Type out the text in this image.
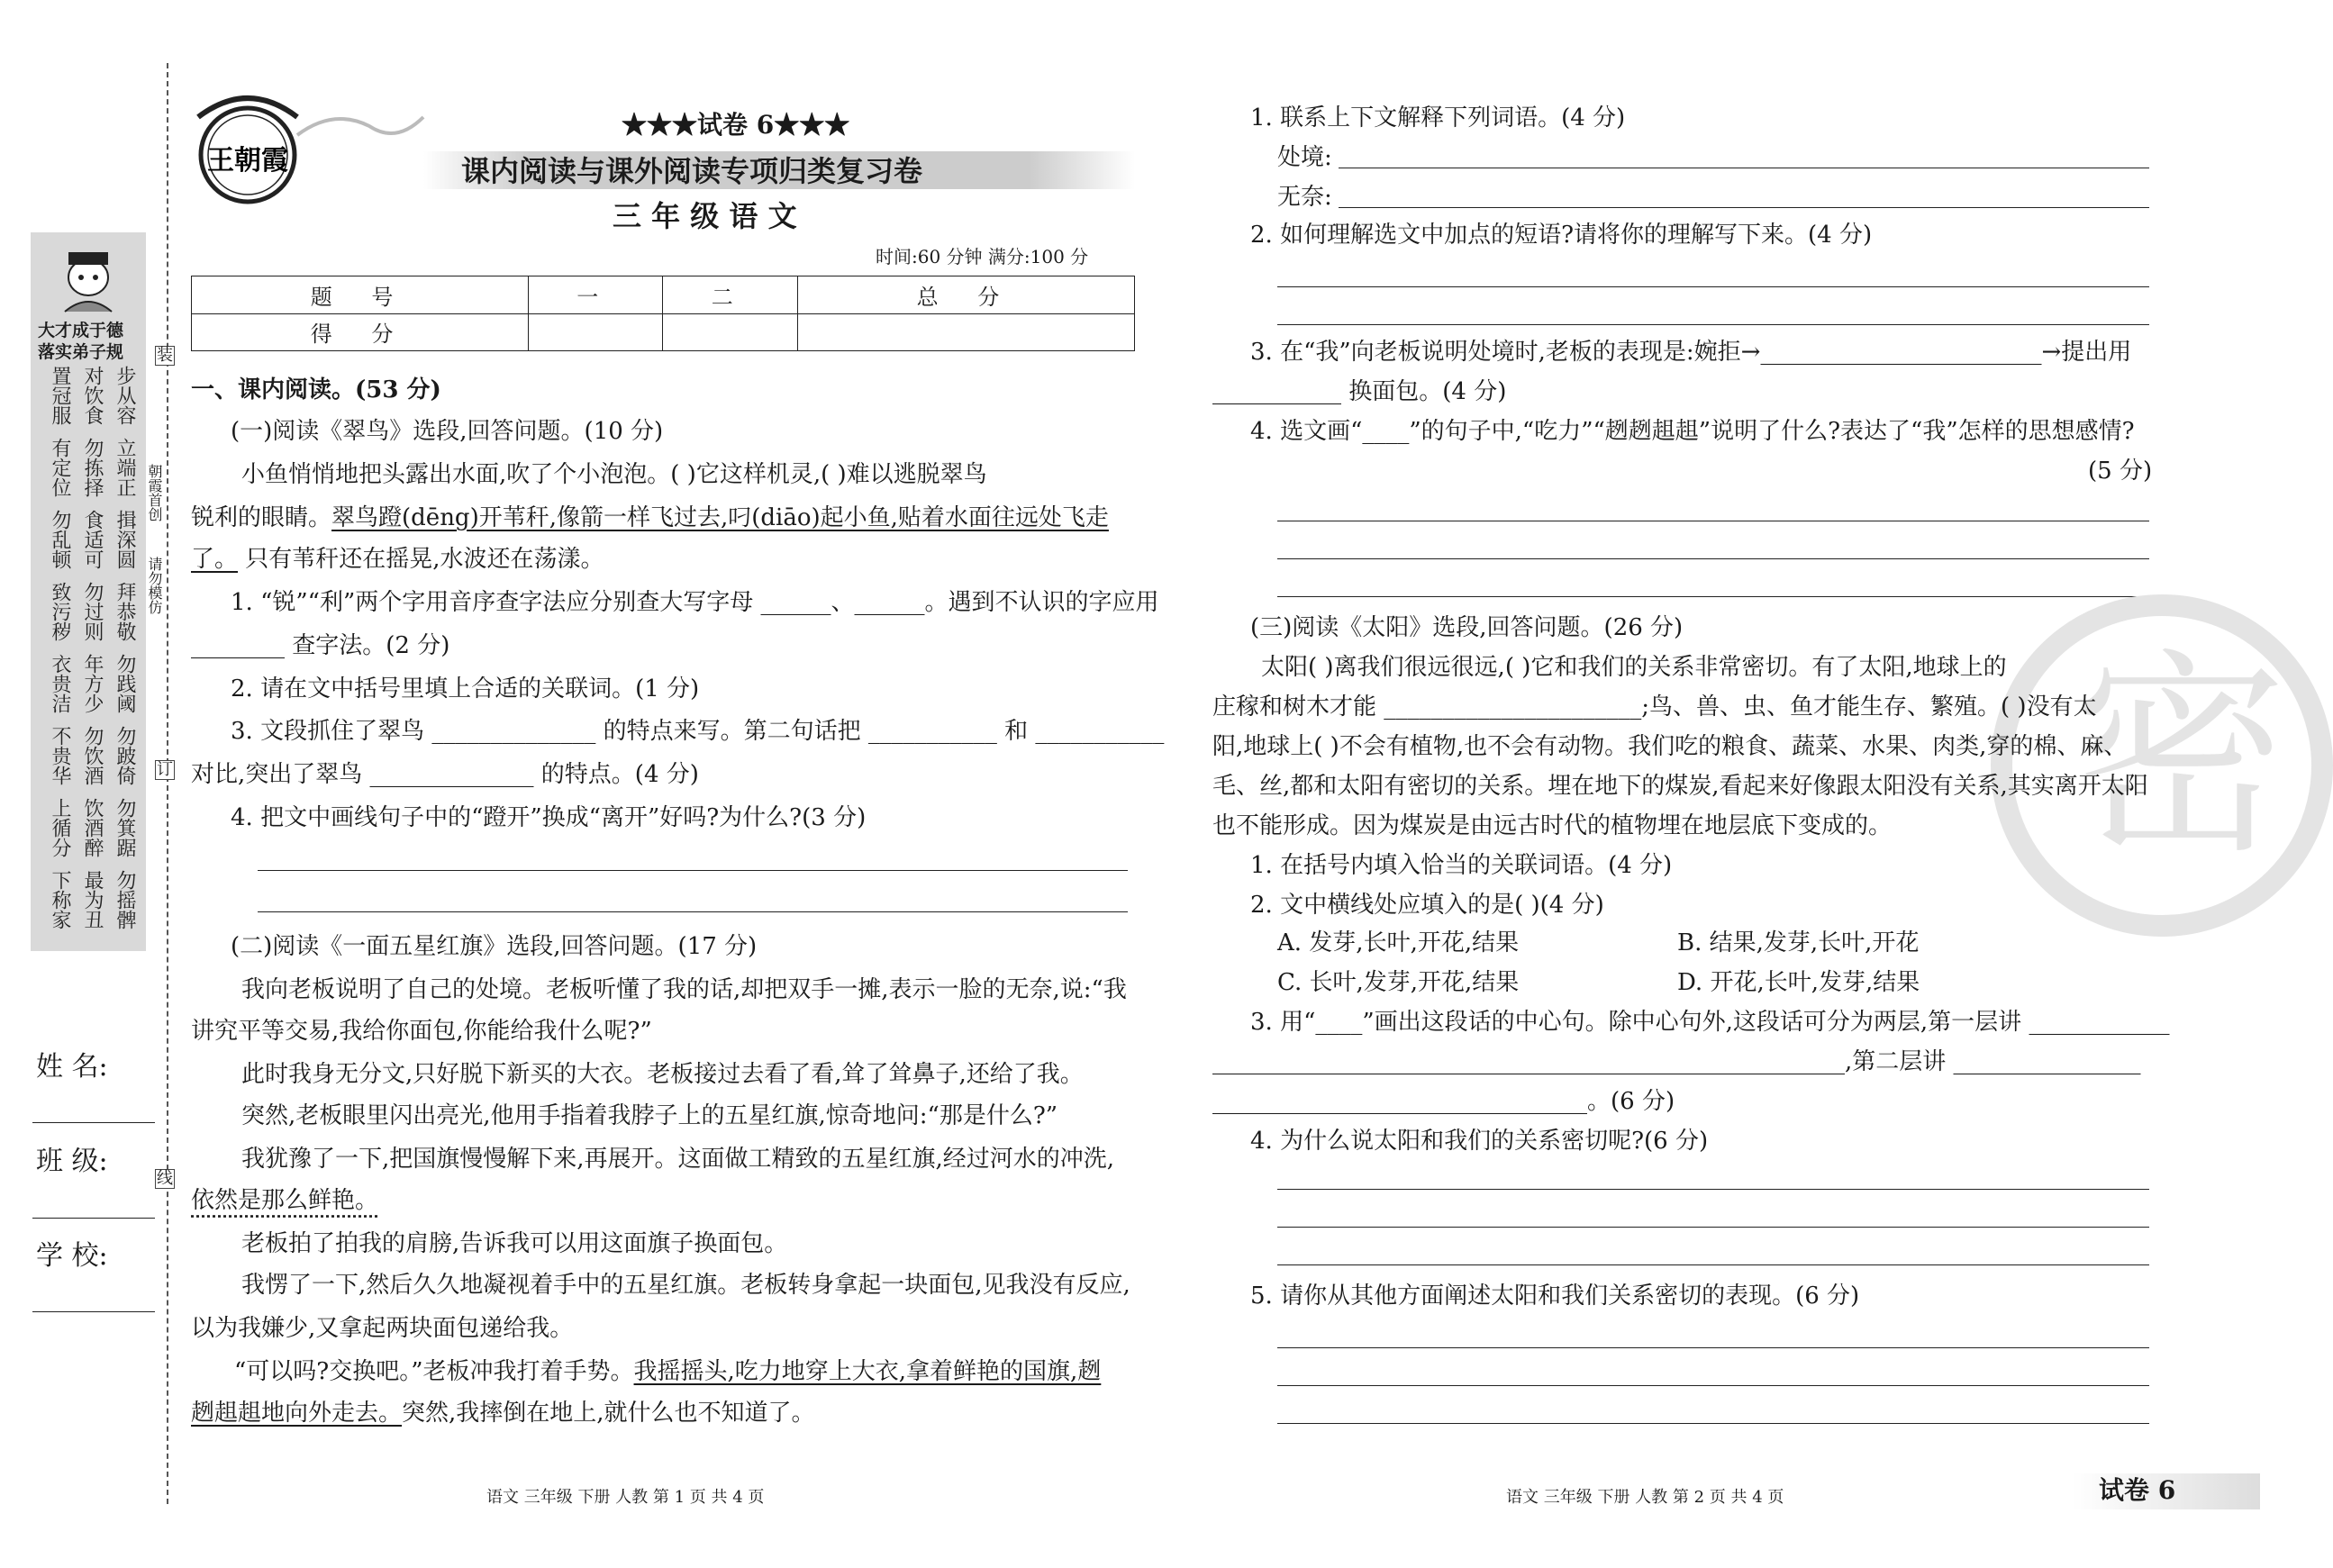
装
订
线
朝霞首创
请勿模仿
大才成于德
落实弟子规
步从容
对饮食
置冠服
立端正
勿拣择
有定位
揖深圆
食适可
勿乱顿
拜恭敬
勿过则
致污秽
勿践阈
年方少
衣贵洁
勿跛倚
勿饮酒
不贵华
勿箕踞
饮酒醉
上循分
勿摇髀
最为丑
下称家
姓 名:
班 级:
学 校:
王朝霞
★★★试卷 6★★★
课内阅读与课外阅读专项归类复习卷
三 年 级 语 文
时间:60 分钟 满分:100 分
题 号	一	二	总 分
得 分			
一、课内阅读。(53 分)
(一)阅读《翠鸟》选段,回答问题。(10 分)
小鱼悄悄地把头露出水面,吹了个小泡泡。( )它这样机灵,( )难以逃脱翠鸟
锐利的眼睛。翠鸟蹬(dēng)开苇秆,像箭一样飞过去,叼(diāo)起小鱼,贴着水面往远处飞走
了。 只有苇秆还在摇晃,水波还在荡漾。
1. “锐”“利”两个字用音序查字法应分别查大写字母 ______、______。遇到不认识的字应用
________ 查字法。(2 分)
2. 请在文中括号里填上合适的关联词。(1 分)
3. 文段抓住了翠鸟 ______________ 的特点来写。第二句话把 ___________ 和 ___________
对比,突出了翠鸟 ______________ 的特点。(4 分)
4. 把文中画线句子中的“蹬开”换成“离开”好吗?为什么?(3 分)
(二)阅读《一面五星红旗》选段,回答问题。(17 分)
我向老板说明了自己的处境。老板听懂了我的话,却把双手一摊,表示一脸的无奈,说:“我
讲究平等交易,我给你面包,你能给我什么呢?”
此时我身无分文,只好脱下新买的大衣。老板接过去看了看,耸了耸鼻子,还给了我。
突然,老板眼里闪出亮光,他用手指着我脖子上的五星红旗,惊奇地问:“那是什么?”
我犹豫了一下,把国旗慢慢解下来,再展开。这面做工精致的五星红旗,经过河水的冲洗,
依然是那么鲜艳。
老板拍了拍我的肩膀,告诉我可以用这面旗子换面包。
我愣了一下,然后久久地凝视着手中的五星红旗。老板转身拿起一块面包,见我没有反应,
以为我嫌少,又拿起两块面包递给我。
“可以吗?交换吧。”老板冲我打着手势。我摇摇头,吃力地穿上大衣,拿着鲜艳的国旗,趔
趔趄趄地向外走去。突然,我摔倒在地上,就什么也不知道了。
语文 三年级 下册 人教 第 1 页 共 4 页
1. 联系上下文解释下列词语。(4 分)
处境:
无奈:
2. 如何理解选文中加点的短语?请将你的理解写下来。(4 分)
3. 在“我”向老板说明处境时,老板的表现是:婉拒→________________________→提出用
___________ 换面包。(4 分)
4. 选文画“____”的句子中,“吃力”“趔趔趄趄”说明了什么?表达了“我”怎样的思想感情?
(5 分)
密
(三)阅读《太阳》选段,回答问题。(26 分)
太阳( )离我们很远很远,( )它和我们的关系非常密切。有了太阳,地球上的
庄稼和树木才能 ______________________;鸟、兽、虫、鱼才能生存、繁殖。( )没有太
阳,地球上( )不会有植物,也不会有动物。我们吃的粮食、蔬菜、水果、肉类,穿的棉、麻、
毛、丝,都和太阳有密切的关系。埋在地下的煤炭,看起来好像跟太阳没有关系,其实离开太阳
也不能形成。因为煤炭是由远古时代的植物埋在地层底下变成的。
1. 在括号内填入恰当的关联词语。(4 分)
2. 文中横线处应填入的是( )(4 分)
A. 发芽,长叶,开花,结果	B. 结果,发芽,长叶,开花
C. 长叶,发芽,开花,结果	D. 开花,长叶,发芽,结果
3. 用“____”画出这段话的中心句。除中心句外,这段话可分为两层,第一层讲 ____________
______________________________________________________,第二层讲 ________________
________________________________。(6 分)
4. 为什么说太阳和我们的关系密切呢?(6 分)
5. 请你从其他方面阐述太阳和我们关系密切的表现。(6 分)
语文 三年级 下册 人教 第 2 页 共 4 页	试卷 6
